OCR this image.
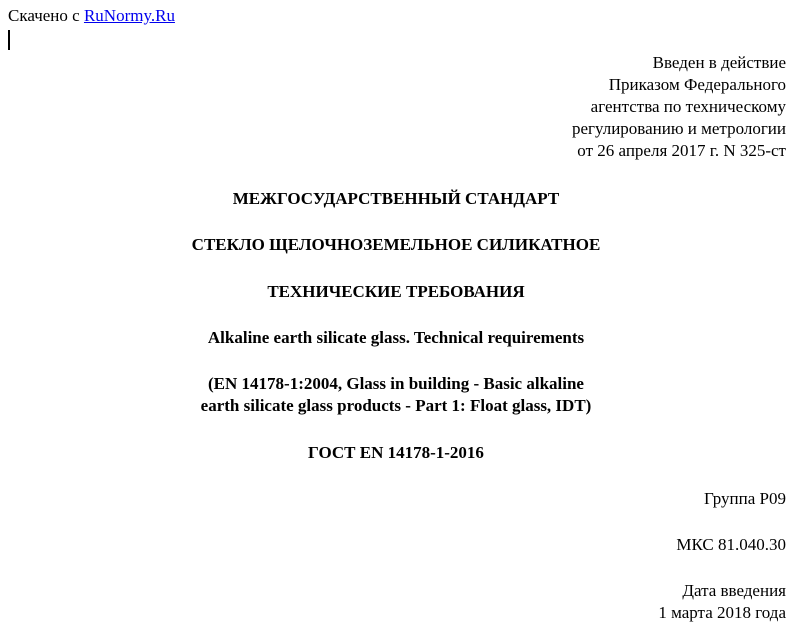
Скачено с RuNormy.Ru
Введен в действие
Приказом Федерального
агентства по техническому
регулированию и метрологии
от 26 апреля 2017 г. N 325-ст
МЕЖГОСУДАРСТВЕННЫЙ СТАНДАРТ
СТЕКЛО ЩЕЛОЧНОЗЕМЕЛЬНОЕ СИЛИКАТНОЕ
ТЕХНИЧЕСКИЕ ТРЕБОВАНИЯ
Alkaline earth silicate glass. Technical requirements
(EN 14178-1:2004, Glass in building - Basic alkaline
earth silicate glass products - Part 1: Float glass, IDT)
ГОСТ EN 14178-1-2016
Группа Р09
МКС 81.040.30
Дата введения
1 марта 2018 года
